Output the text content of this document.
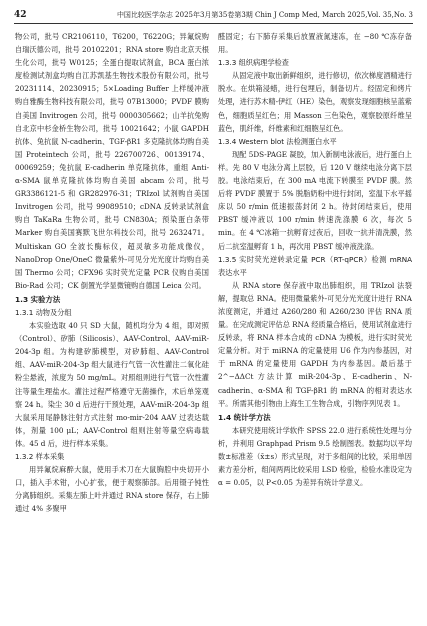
42	中国比较医学杂志 2025年3月第35卷第3期 Chin J Comp Med, March 2025,Vol. 35,No. 3

物公司，批号 CR2106110，T6200，T6220G；异氟烷购自瑞沃德公司，批号 20102201；RNA store 购自北京天根生化公司，批号 W0125；全蛋白提取试剂盒，BCA 蛋白浓度检测试剂盒均购自江苏凯基生物技术股份有限公司，批号 20231114、20230915；5×Loading Buffer 上样缓冲液购自雅酶生物科技有限公司，批号 07B13000；PVDF 膜购自美国 Invitrogen 公司，批号 0000305662；山羊抗兔购自北京中杉金桥生物公司，批号 10021642；小鼠 GAPDH 抗体、兔抗鼠 N-cadherin、TGF-βR1 多克隆抗体均购自美国 Proteintech 公司，批号 226700726、00139174、00069259；兔抗鼠 E-cadherin 单克隆抗体，重组 Anti-α-SMA 鼠单克隆抗体均购自美国 abcam 公司，批号 GR3386121-5 和 GR282976-31；TRIzol 试剂购自美国 Invitrogen 公司，批号 99089510；cDNA 反转录试剂盒购自 TaKaRa 生物公司，批号 CN830A；预染蛋白条带 Marker 购自美国赛默飞世尔科技公司，批号 2632471。Multiskan GO 全波长酶标仪，超灵敏多功能成像仪，NanoDrop One/OneC 微量紫外-可见分光光度计均购自美国 Thermo 公司；CFX96 实时荧光定量 PCR 仪购自美国 Bio-Rad 公司；CK 倒置光学显微镜购自德国 Leica 公司。

1.3 实验方法
1.3.1 动物及分组

本实验选取 40 只 SD 大鼠，随机均分为 4 组，即对照（Control）、矽肺（Silicosis）、AAV-Control、AAV-miR-204-3p 组。为构建矽肺模型，对矽肺组、AAV-Control 组、AAV-miR-204-3p 组大鼠进行气管一次性灌注二氧化硅粉尘悬液，浓度为 50 mg/mL。对照组则进行气管一次性灌注等量生理盐水。灌注过程严格遵守无菌操作，术后单笼观察 24 h。染尘 30 d 后进行干预处理，AAV-miR-204-3p 组大鼠采用尾静脉注射方式注射 mo-mir-204 AAV 过表达载体，剂量 100 μL；AAV-Control 组则注射等量空病毒载体。45 d 后，进行样本采集。

1.3.2 样本采集

用异氟烷麻醉大鼠，使用手术刀在大鼠胸腔中央切开小口，插入手术钳，小心扩张，便于观察肺部。后用镊子钝性分离肺组织。采集左肺上叶并通过 RNA store 保存，右上肺通过 4% 多聚甲

醛固定；右下肺存采集后放置液氮速冻，在 −80 ℃冻存备用。

1.3.3 组织病理学检查

从固定液中取出新鲜组织，进行修切，依次梯度酒精进行脱水。在烘箱浸蜡，进行包埋后，制备切片。经固定和烤片处理，进行苏木精-伊红（HE）染色，观察发现细胞核呈蓝紫色，细胞质呈红色；用 Masson 三色染色，观察胶原纤维呈蓝色，肌纤维，纤维素和红细胞呈红色。

1.3.4 Western blot 法检测蛋白水平

现配 5DS-PAGE 凝胶，加入新制电泳液后，进行蛋白上样。先 80 V 电泳分离上层胶，后 120 V 继续电泳分离下层胶。电泳结束后，在 300 mA 电流下转膜至 PVDF 膜。然后将 PVDF 膜置于 5% 脱脂奶粉中进行封闭，室温下水平摇床以 50 r/min 低速振荡封闭 2 h。待封闭结束后，使用 PBST 缓冲液以 100 r/min 转速洗涤膜 6 次，每次 5 min。在 4 ℃冰箱一抗孵育过夜后，回收一抗并清洗膜，然后二抗室温孵育 1 h，再次用 PBST 缓冲液洗涤。

1.3.5 实时荧光逆转录定量 PCR（RT-qPCR）检测 mRNA 表达水平

从 RNA store 保存液中取出肺组织，用 TRIzol 法裂解，提取总 RNA。使用微量紫外-可见分光光度计进行 RNA 浓度测定，并通过 A260/280 和 A260/230 评估 RNA 质量。在完成测定评估总 RNA 经质量合格后，使用试剂盒进行反转录，将 RNA 样本合成的 cDNA 为模板，进行实时荧光定量分析。对于 miRNA 的定量使用 U6 作为内参基因，对于 mRNA 的定量使用 GAPDH 为内参基因。最后基于 2^−ΔΔCt 方法计算 miR-204-3p、E-cadherin、N-cadherin、α-SMA 和 TGF-βR1 的 mRNA 的相对表达水平。所需其他引物由上海生工生物合成，引物序列见表 1。

1.4 统计学方法

本研究使用统计学软件 SPSS 22.0 进行系统性处理与分析，并利用 Graphpad Prism 9.5 绘制图表。数据均以平均数±标准差（x̄±s）形式呈现，对于多组间的比较，采用单因素方差分析，组间两两比较采用 LSD 检验，检验水准设定为 α = 0.05，以 P<0.05 为差异有统计学意义。
